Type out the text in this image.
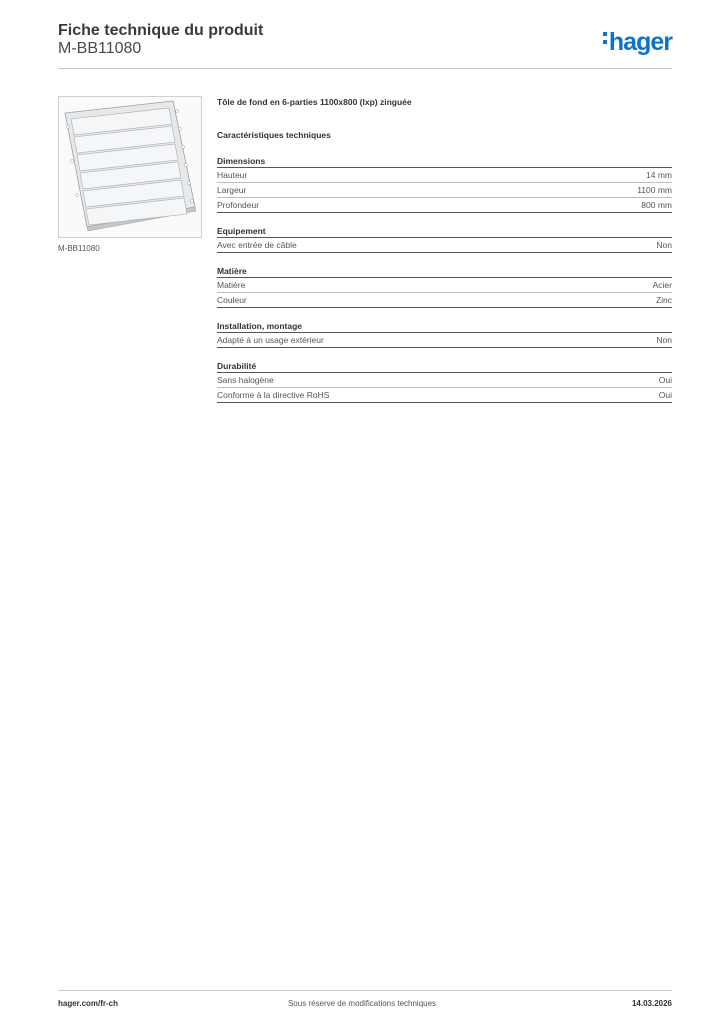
Fiche technique du produit
M-BB11080	hager
M-BB11080
Tôle de fond en 6-parties 1100x800 (lxp) zinguée
Caractéristiques techniques
Dimensions
Hauteur	14 mm
Largeur	1100 mm
Profondeur	800 mm
Equipement
Avec entrée de câble	Non
Matière
Matière	Acier
Couleur	Zinc
Installation, montage
Adapté à un usage extérieur	Non
Durabilité
Sans halogène	Oui
Conforme à la directive RoHS	Oui
hager.com/fr-ch	Sous réserve de modifications techniques	14.03.2026
